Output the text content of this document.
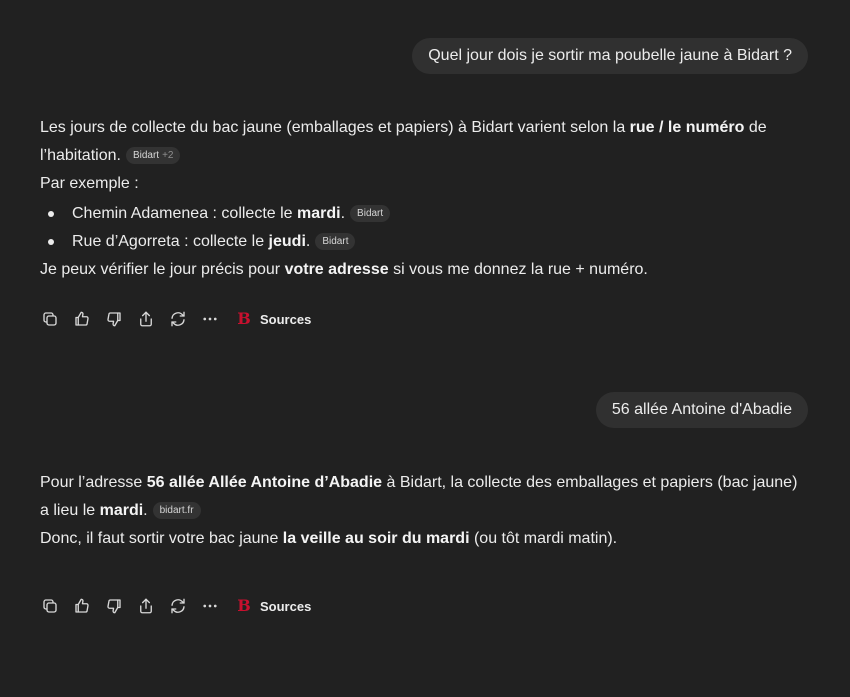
Quel jour dois je sortir ma poubelle jaune à Bidart ?

Les jours de collecte du bac jaune (emballages et papiers) à Bidart varient selon la rue / le numéro de l’habitation. Bidart +2

Par exemple :

Chemin Adamenea : collecte le mardi. Bidart
Rue d’Agorreta : collecte le jeudi. Bidart

Je peux vérifier le jour précis pour votre adresse si vous me donnez la rue + numéro.

B Sources
56 allée Antoine d'Abadie

Pour l’adresse 56 allée Allée Antoine d’Abadie à Bidart, la collecte des emballages et papiers (bac jaune) a lieu le mardi. bidart.fr

Donc, il faut sortir votre bac jaune la veille au soir du mardi (ou tôt mardi matin).

B Sources
